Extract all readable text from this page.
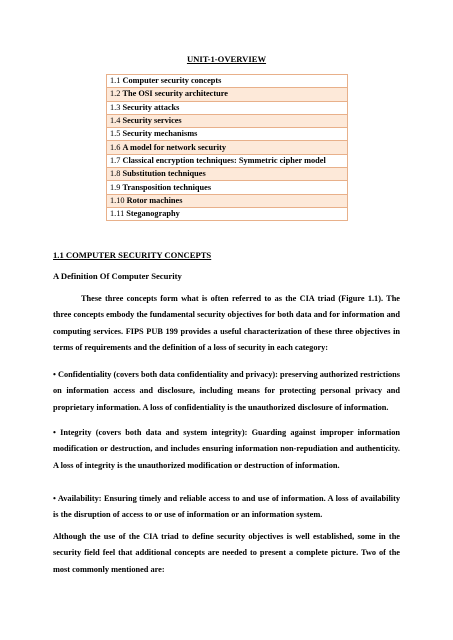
UNIT-1-OVERVIEW
1.1 Computer security concepts
1.2 The OSI security architecture
1.3 Security attacks
1.4 Security services
1.5 Security mechanisms
1.6 A model for network security
1.7 Classical encryption techniques: Symmetric cipher model
1.8 Substitution techniques
1.9 Transposition techniques
1.10 Rotor machines
1.11 Steganography
1.1 COMPUTER SECURITY CONCEPTS
A Definition Of Computer Security

These three concepts form what is often referred to as the CIA triad (Figure 1.1). The three concepts embody the fundamental security objectives for both data and for information and computing services. FIPS PUB 199 provides a useful characterization of these three objectives in terms of requirements and the definition of a loss of security in each category:

• Confidentiality (covers both data confidentiality and privacy): preserving authorized restrictions on information access and disclosure, including means for protecting personal privacy and proprietary information. A loss of confidentiality is the unauthorized disclosure of information.

• Integrity (covers both data and system integrity): Guarding against improper information modification or destruction, and includes ensuring information non-repudiation and authenticity. A loss of integrity is the unauthorized modification or destruction of information.

• Availability: Ensuring timely and reliable access to and use of information. A loss of availability is the disruption of access to or use of information or an information system.

Although the use of the CIA triad to define security objectives is well established, some in the security field feel that additional concepts are needed to present a complete picture. Two of the most commonly mentioned are:
